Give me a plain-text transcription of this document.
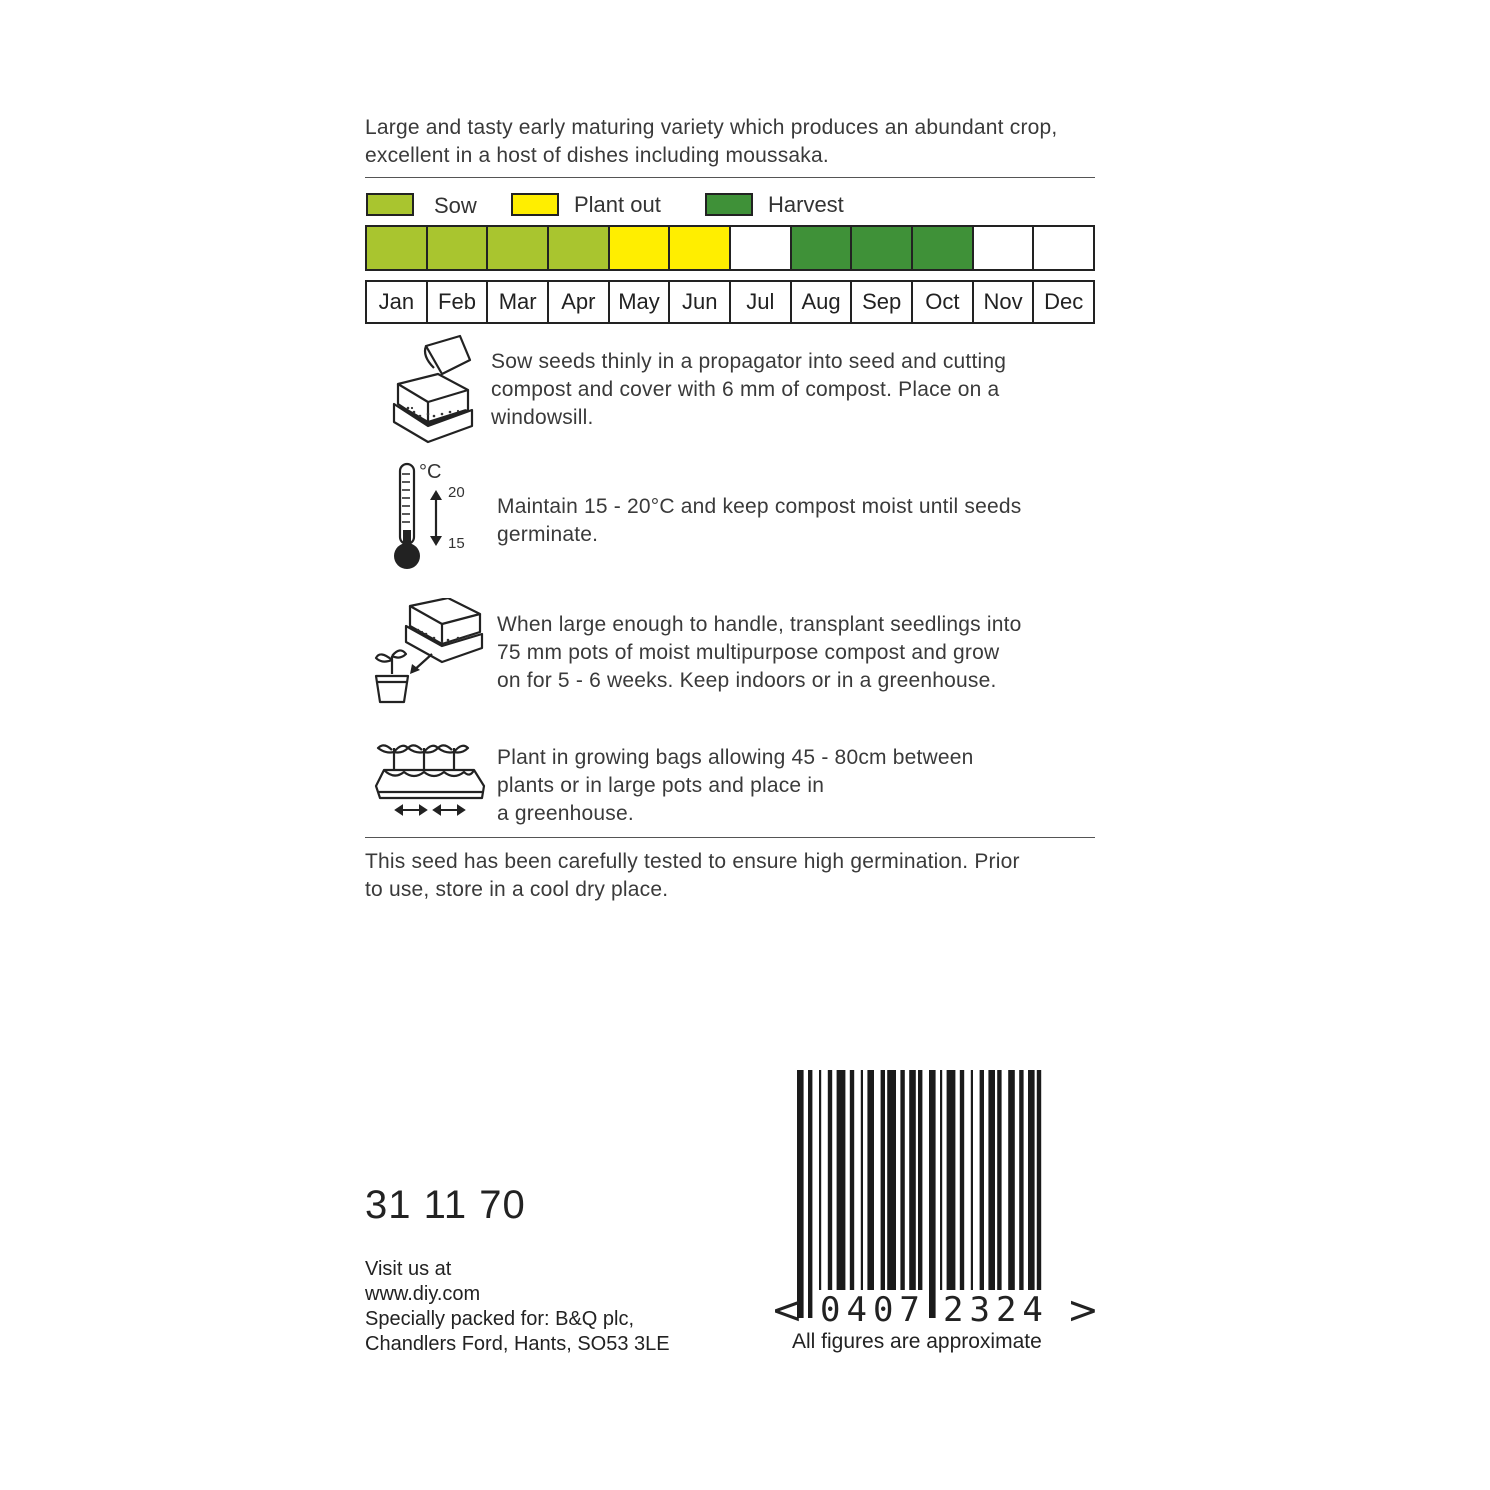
Large and tasty early maturing variety which produces an abundant crop, excellent in a host of dishes including moussaka.
Sow	Plant out	Harvest
Jan	Feb	Mar	Apr	May	Jun	Jul	Aug Sep	Oct	Nov Dec
Sow seeds thinly in a propagator into seed and cutting
compost and cover with 6 mm of compost. Place on a
windowsill.
°C
20
15
Maintain 15 - 20°C and keep compost moist until seeds
germinate.
When large enough to handle, transplant seedlings into
75 mm pots of moist multipurpose compost and grow
on for 5 - 6 weeks. Keep indoors or in a greenhouse.
Plant in growing bags allowing 45 - 80cm between
plants or in large pots and place in
a greenhouse.
This seed has been carefully tested to ensure high germination. Prior
to use, store in a cool dry place.
31 11 70
Visit us at
www.diy.com
Specially packed for: B&Q plc,
Chandlers Ford, Hants, SO53 3LE
< 0407 2324 >
All figures are approximate
